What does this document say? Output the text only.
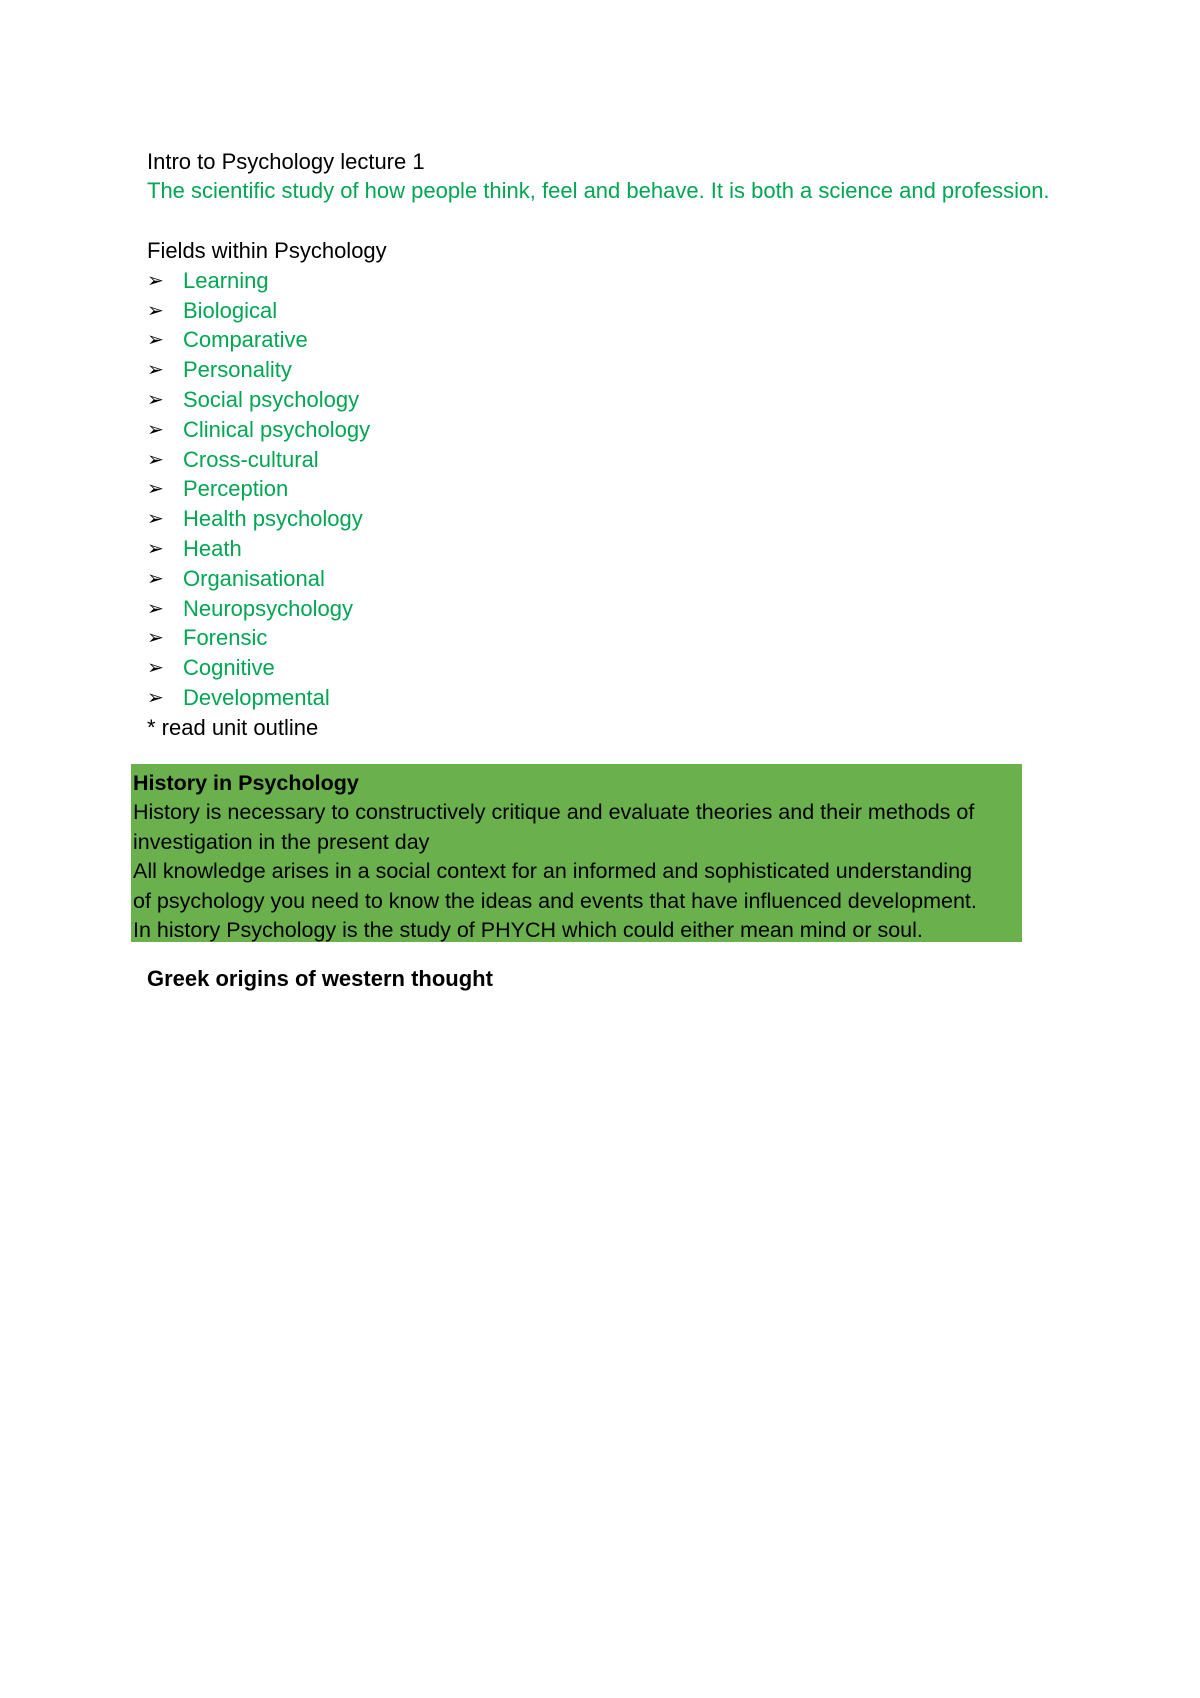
Intro to Psychology lecture 1
The scientific study of how people think, feel and behave. It is both a science and profession.
Fields within Psychology
➢ Learning
➢ Biological
➢ Comparative
➢ Personality
➢ Social psychology
➢ Clinical psychology
➢ Cross-cultural
➢ Perception
➢ Health psychology
➢ Heath
➢ Organisational
➢ Neuropsychology
➢ Forensic
➢ Cognitive
➢ Developmental
* read unit outline
History in Psychology
History is necessary to constructively critique and evaluate theories and their methods of
investigation in the present day
All knowledge arises in a social context for an informed and sophisticated understanding
of psychology you need to know the ideas and events that have influenced development.
In history Psychology is the study of PHYCH which could either mean mind or soul.
Greek origins of western thought
